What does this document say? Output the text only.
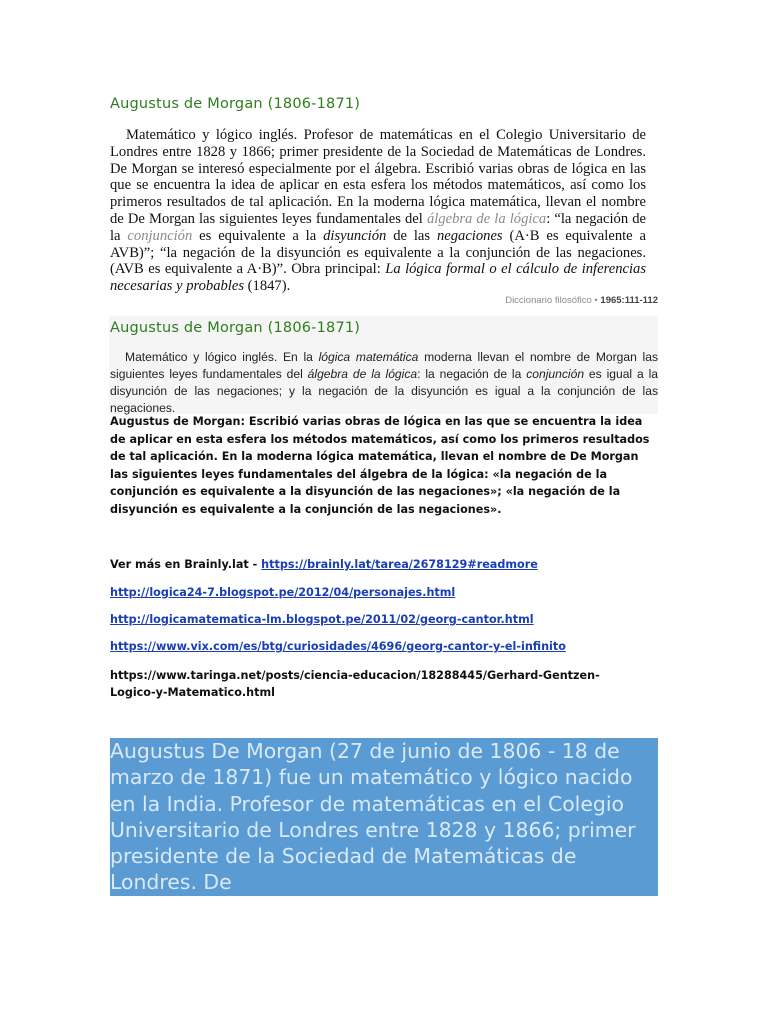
Augustus de Morgan (1806-1871)
Matemático y lógico inglés. Profesor de matemáticas en el Colegio Universitario de Londres entre 1828 y 1866; primer presidente de la Sociedad de Matemáticas de Londres. De Morgan se interesó especialmente por el álgebra. Escribió varias obras de lógica en las que se encuentra la idea de aplicar en esta esfera los métodos matemáticos, así como los primeros resultados de tal aplicación. En la moderna lógica matemática, llevan el nombre de De Morgan las siguientes leyes fundamentales del álgebra de la lógica: “la negación de la conjunción es equivalente a la disyunción de las negaciones (A·B es equivalente a AVB)”; “la negación de la disyunción es equivalente a la conjunción de las negaciones. (AVB es equivalente a A·B)”. Obra principal: La lógica formal o el cálculo de inferencias necesarias y probables (1847).
Diccionario filosófico • 1965:111-112
Augustus de Morgan (1806-1871)
Matemático y lógico inglés. En la lógica matemática moderna llevan el nombre de Morgan las siguientes leyes fundamentales del álgebra de la lógica: la negación de la conjunción es igual a la disyunción de las negaciones; y la negación de la disyunción es igual a la conjunción de las negaciones.
Augustus de Morgan: Escribió varias obras de lógica en las que se encuentra la idea de aplicar en esta esfera los métodos matemáticos, así como los primeros resultados de tal aplicación. En la moderna lógica matemática, llevan el nombre de De Morgan las siguientes leyes fundamentales del álgebra de la lógica: «la negación de la conjunción es equivalente a la disyunción de las negaciones»; «la negación de la disyunción es equivalente a la conjunción de las negaciones».
Ver más en Brainly.lat - https://brainly.lat/tarea/2678129#readmore
http://logica24-7.blogspot.pe/2012/04/personajes.html
http://logicamatematica-lm.blogspot.pe/2011/02/georg-cantor.html
https://www.vix.com/es/btg/curiosidades/4696/georg-cantor-y-el-infinito
https://www.taringa.net/posts/ciencia-educacion/18288445/Gerhard-Gentzen-Logico-y-Matematico.html
Augustus De Morgan (27 de junio de 1806 - 18 de marzo de 1871) fue un matemático y lógico nacido en la India. Profesor de matemáticas en el Colegio Universitario de Londres entre 1828 y 1866; primer presidente de la Sociedad de Matemáticas de Londres. De
